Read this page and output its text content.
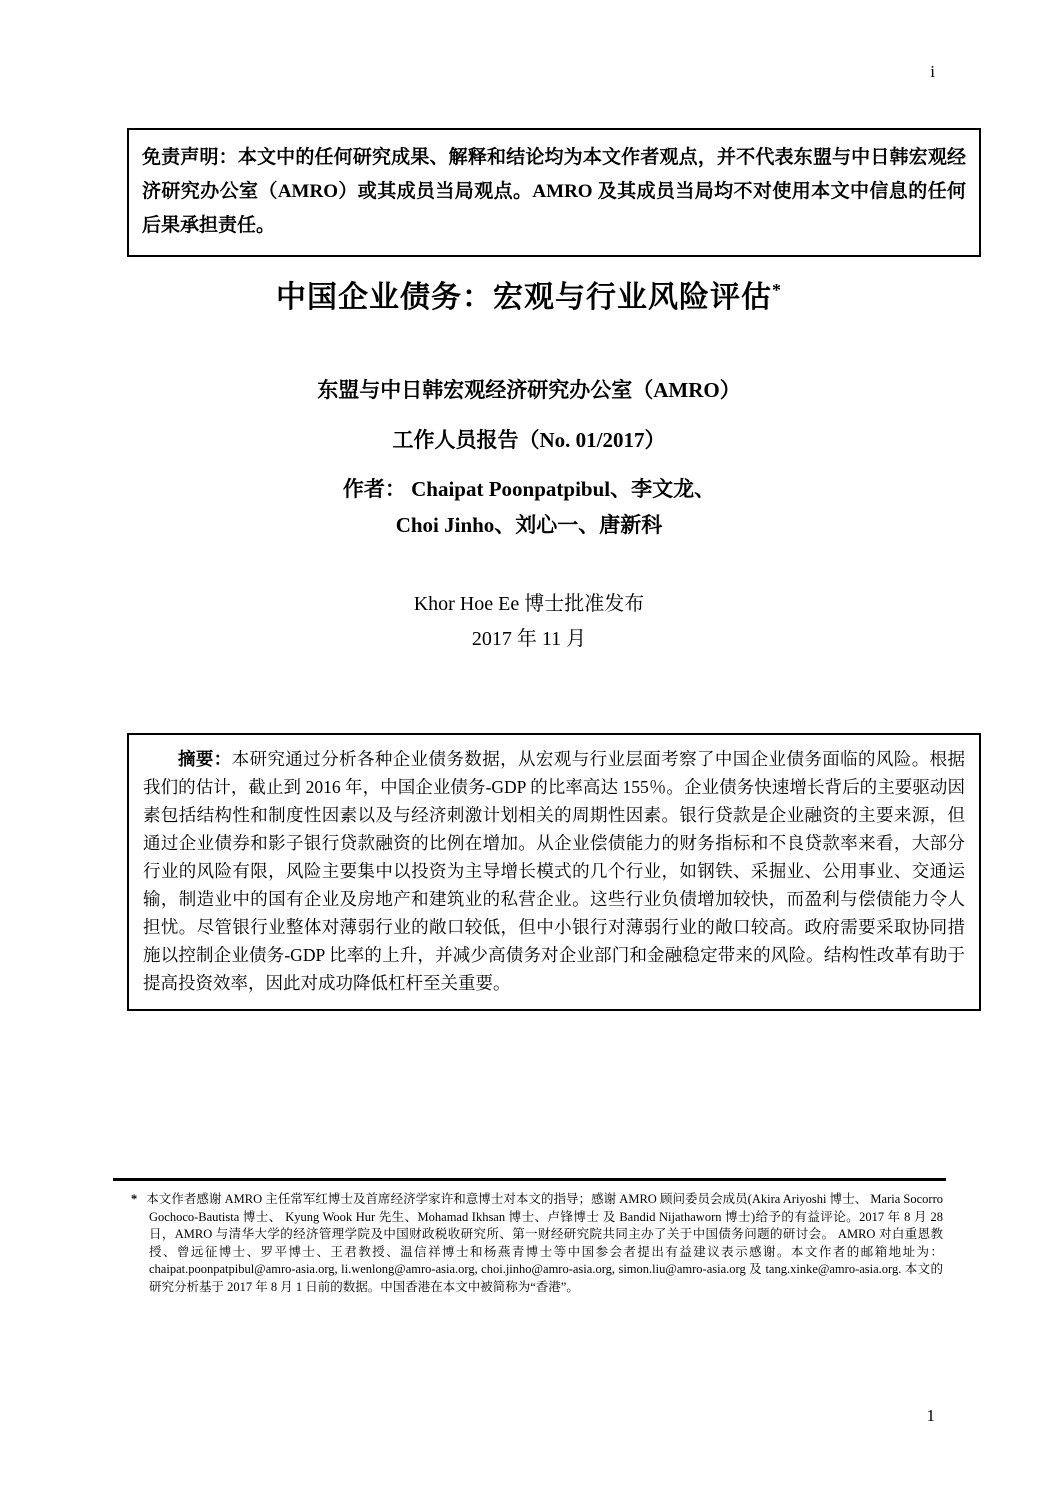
i
免责声明：本文中的任何研究成果、解释和结论均为本文作者观点，并不代表东盟与中日韩宏观经济研究办公室（AMRO）或其成员当局观点。AMRO 及其成员当局均不对使用本文中信息的任何后果承担责任。
中国企业债务：宏观与行业风险评估*
东盟与中日韩宏观经济研究办公室（AMRO）
工作人员报告（No. 01/2017）
作者： Chaipat Poonpatpibul、李文龙、
Choi Jinho、刘心一、唐新科
Khor Hoe Ee 博士批准发布
2017 年 11 月

摘要：本研究通过分析各种企业债务数据，从宏观与行业层面考察了中国企业债务面临的风险。根据我们的估计，截止到 2016 年，中国企业债务-GDP 的比率高达 155％。企业债务快速增长背后的主要驱动因素包括结构性和制度性因素以及与经济刺激计划相关的周期性因素。银行贷款是企业融资的主要来源，但通过企业债券和影子银行贷款融资的比例在增加。从企业偿债能力的财务指标和不良贷款率来看，大部分行业的风险有限，风险主要集中以投资为主导增长模式的几个行业，如钢铁、采掘业、公用事业、交通运输，制造业中的国有企业及房地产和建筑业的私营企业。这些行业负债增加较快，而盈利与偿债能力令人担忧。尽管银行业整体对薄弱行业的敞口较低，但中小银行对薄弱行业的敞口较高。政府需要采取协同措施以控制企业债务-GDP 比率的上升，并减少高债务对企业部门和金融稳定带来的风险。结构性改革有助于提高投资效率，因此对成功降低杠杆至关重要。

* 本文作者感谢 AMRO 主任常军红博士及首席经济学家许和意博士对本文的指导；感谢 AMRO 顾问委员会成员(Akira Ariyoshi 博士、 Maria Socorro Gochoco-Bautista 博士、 Kyung Wook Hur 先生、Mohamad Ikhsan 博士、卢锋博士 及 Bandid Nijathaworn 博士)给予的有益评论。2017 年 8 月 28 日，AMRO 与清华大学的经济管理学院及中国财政税收研究所、第一财经研究院共同主办了关于中国债务问题的研讨会。 AMRO 对白重恩教授、曾远征博士、罗平博士、王君教授、温信祥博士和杨燕青博士等中国参会者提出有益建议表示感谢。本文作者的邮箱地址为：chaipat.poonpatpibul@amro-asia.org, li.wenlong@amro-asia.org, choi.jinho@amro-asia.org, simon.liu@amro-asia.org 及 tang.xinke@amro-asia.org. 本文的研究分析基于 2017 年 8 月 1 日前的数据。中国香港在本文中被简称为“香港”。

1
